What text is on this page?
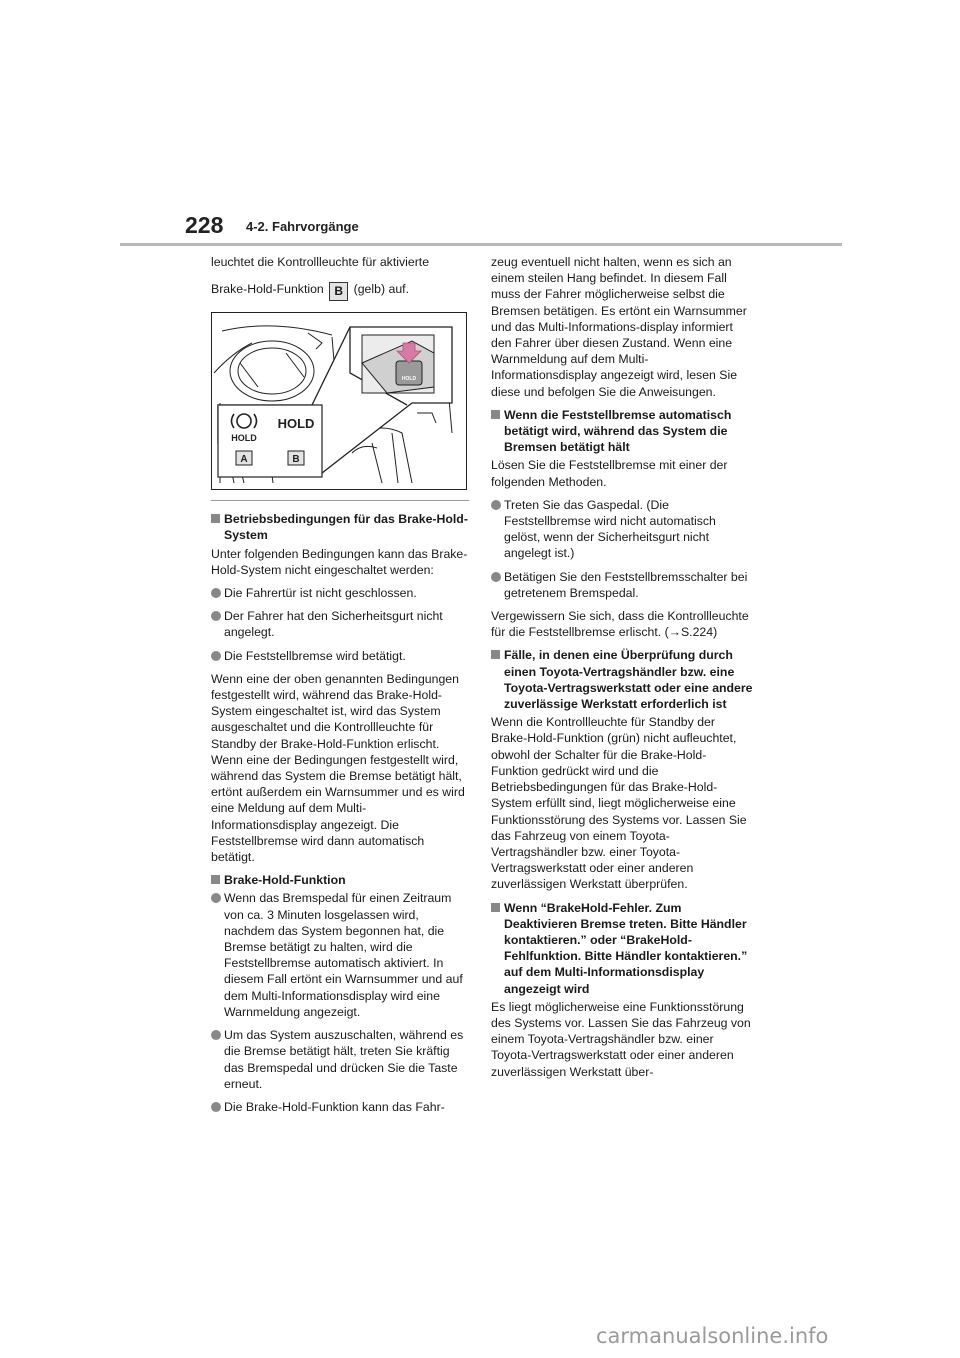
228 4-2. Fahrvorgänge

leuchtet die Kontrollleuchte für aktivierte

Brake-Hold-Funktion B (gelb) auf.

HOLD
HOLD
HOLD
A	B
Betriebsbedingungen für das Brake-Hold-System
Unter folgenden Bedingungen kann das Brake-Hold-System nicht eingeschaltet werden:
Die Fahrertür ist nicht geschlossen.
Der Fahrer hat den Sicherheitsgurt nicht angelegt.
Die Feststellbremse wird betätigt.
Wenn eine der oben genannten Bedingungen festgestellt wird, während das Brake-Hold-System eingeschaltet ist, wird das System ausgeschaltet und die Kontrollleuchte für Standby der Brake-Hold-Funktion erlischt. Wenn eine der Bedingungen festgestellt wird, während das System die Bremse betätigt hält, ertönt außerdem ein Warnsummer und es wird eine Meldung auf dem Multi-Informationsdisplay angezeigt. Die Feststellbremse wird dann automatisch betätigt.
Brake-Hold-Funktion
Wenn das Bremspedal für einen Zeitraum von ca. 3 Minuten losgelassen wird, nachdem das System begonnen hat, die Bremse betätigt zu halten, wird die Feststellbremse automatisch aktiviert. In diesem Fall ertönt ein Warnsummer und auf dem Multi-Informationsdisplay wird eine Warnmeldung angezeigt.
Um das System auszuschalten, während es die Bremse betätigt hält, treten Sie kräftig das Bremspedal und drücken Sie die Taste erneut.
Die Brake-Hold-Funktion kann das Fahr-
zeug eventuell nicht halten, wenn es sich an einem steilen Hang befindet. In diesem Fall muss der Fahrer möglicherweise selbst die Bremsen betätigen. Es ertönt ein Warnsummer und das Multi-Informations-display informiert den Fahrer über diesen Zustand. Wenn eine Warnmeldung auf dem Multi-Informationsdisplay angezeigt wird, lesen Sie diese und befolgen Sie die Anweisungen.
Wenn die Feststellbremse automatisch betätigt wird, während das System die Bremsen betätigt hält
Lösen Sie die Feststellbremse mit einer der folgenden Methoden.
Treten Sie das Gaspedal. (Die Feststellbremse wird nicht automatisch gelöst, wenn der Sicherheitsgurt nicht angelegt ist.)
Betätigen Sie den Feststellbremsschalter bei getretenem Bremspedal.
Vergewissern Sie sich, dass die Kontrollleuchte für die Feststellbremse erlischt. (→S.224)
Fälle, in denen eine Überprüfung durch einen Toyota-Vertragshändler bzw. eine Toyota-Vertragswerkstatt oder eine andere zuverlässige Werkstatt erforderlich ist
Wenn die Kontrollleuchte für Standby der Brake-Hold-Funktion (grün) nicht aufleuchtet, obwohl der Schalter für die Brake-Hold-Funktion gedrückt wird und die Betriebsbedingungen für das Brake-Hold-System erfüllt sind, liegt möglicherweise eine Funktionsstörung des Systems vor. Lassen Sie das Fahrzeug von einem Toyota-Vertragshändler bzw. einer Toyota-Vertragswerkstatt oder einer anderen zuverlässigen Werkstatt überprüfen.
Wenn “BrakeHold-Fehler. Zum Deaktivieren Bremse treten. Bitte Händler kontaktieren.” oder “BrakeHold-Fehlfunktion. Bitte Händler kontaktieren.” auf dem Multi-Informationsdisplay angezeigt wird
Es liegt möglicherweise eine Funktionsstörung des Systems vor. Lassen Sie das Fahrzeug von einem Toyota-Vertragshändler bzw. einer Toyota-Vertragswerkstatt oder einer anderen zuverlässigen Werkstatt über-
carmanualsonline.info
